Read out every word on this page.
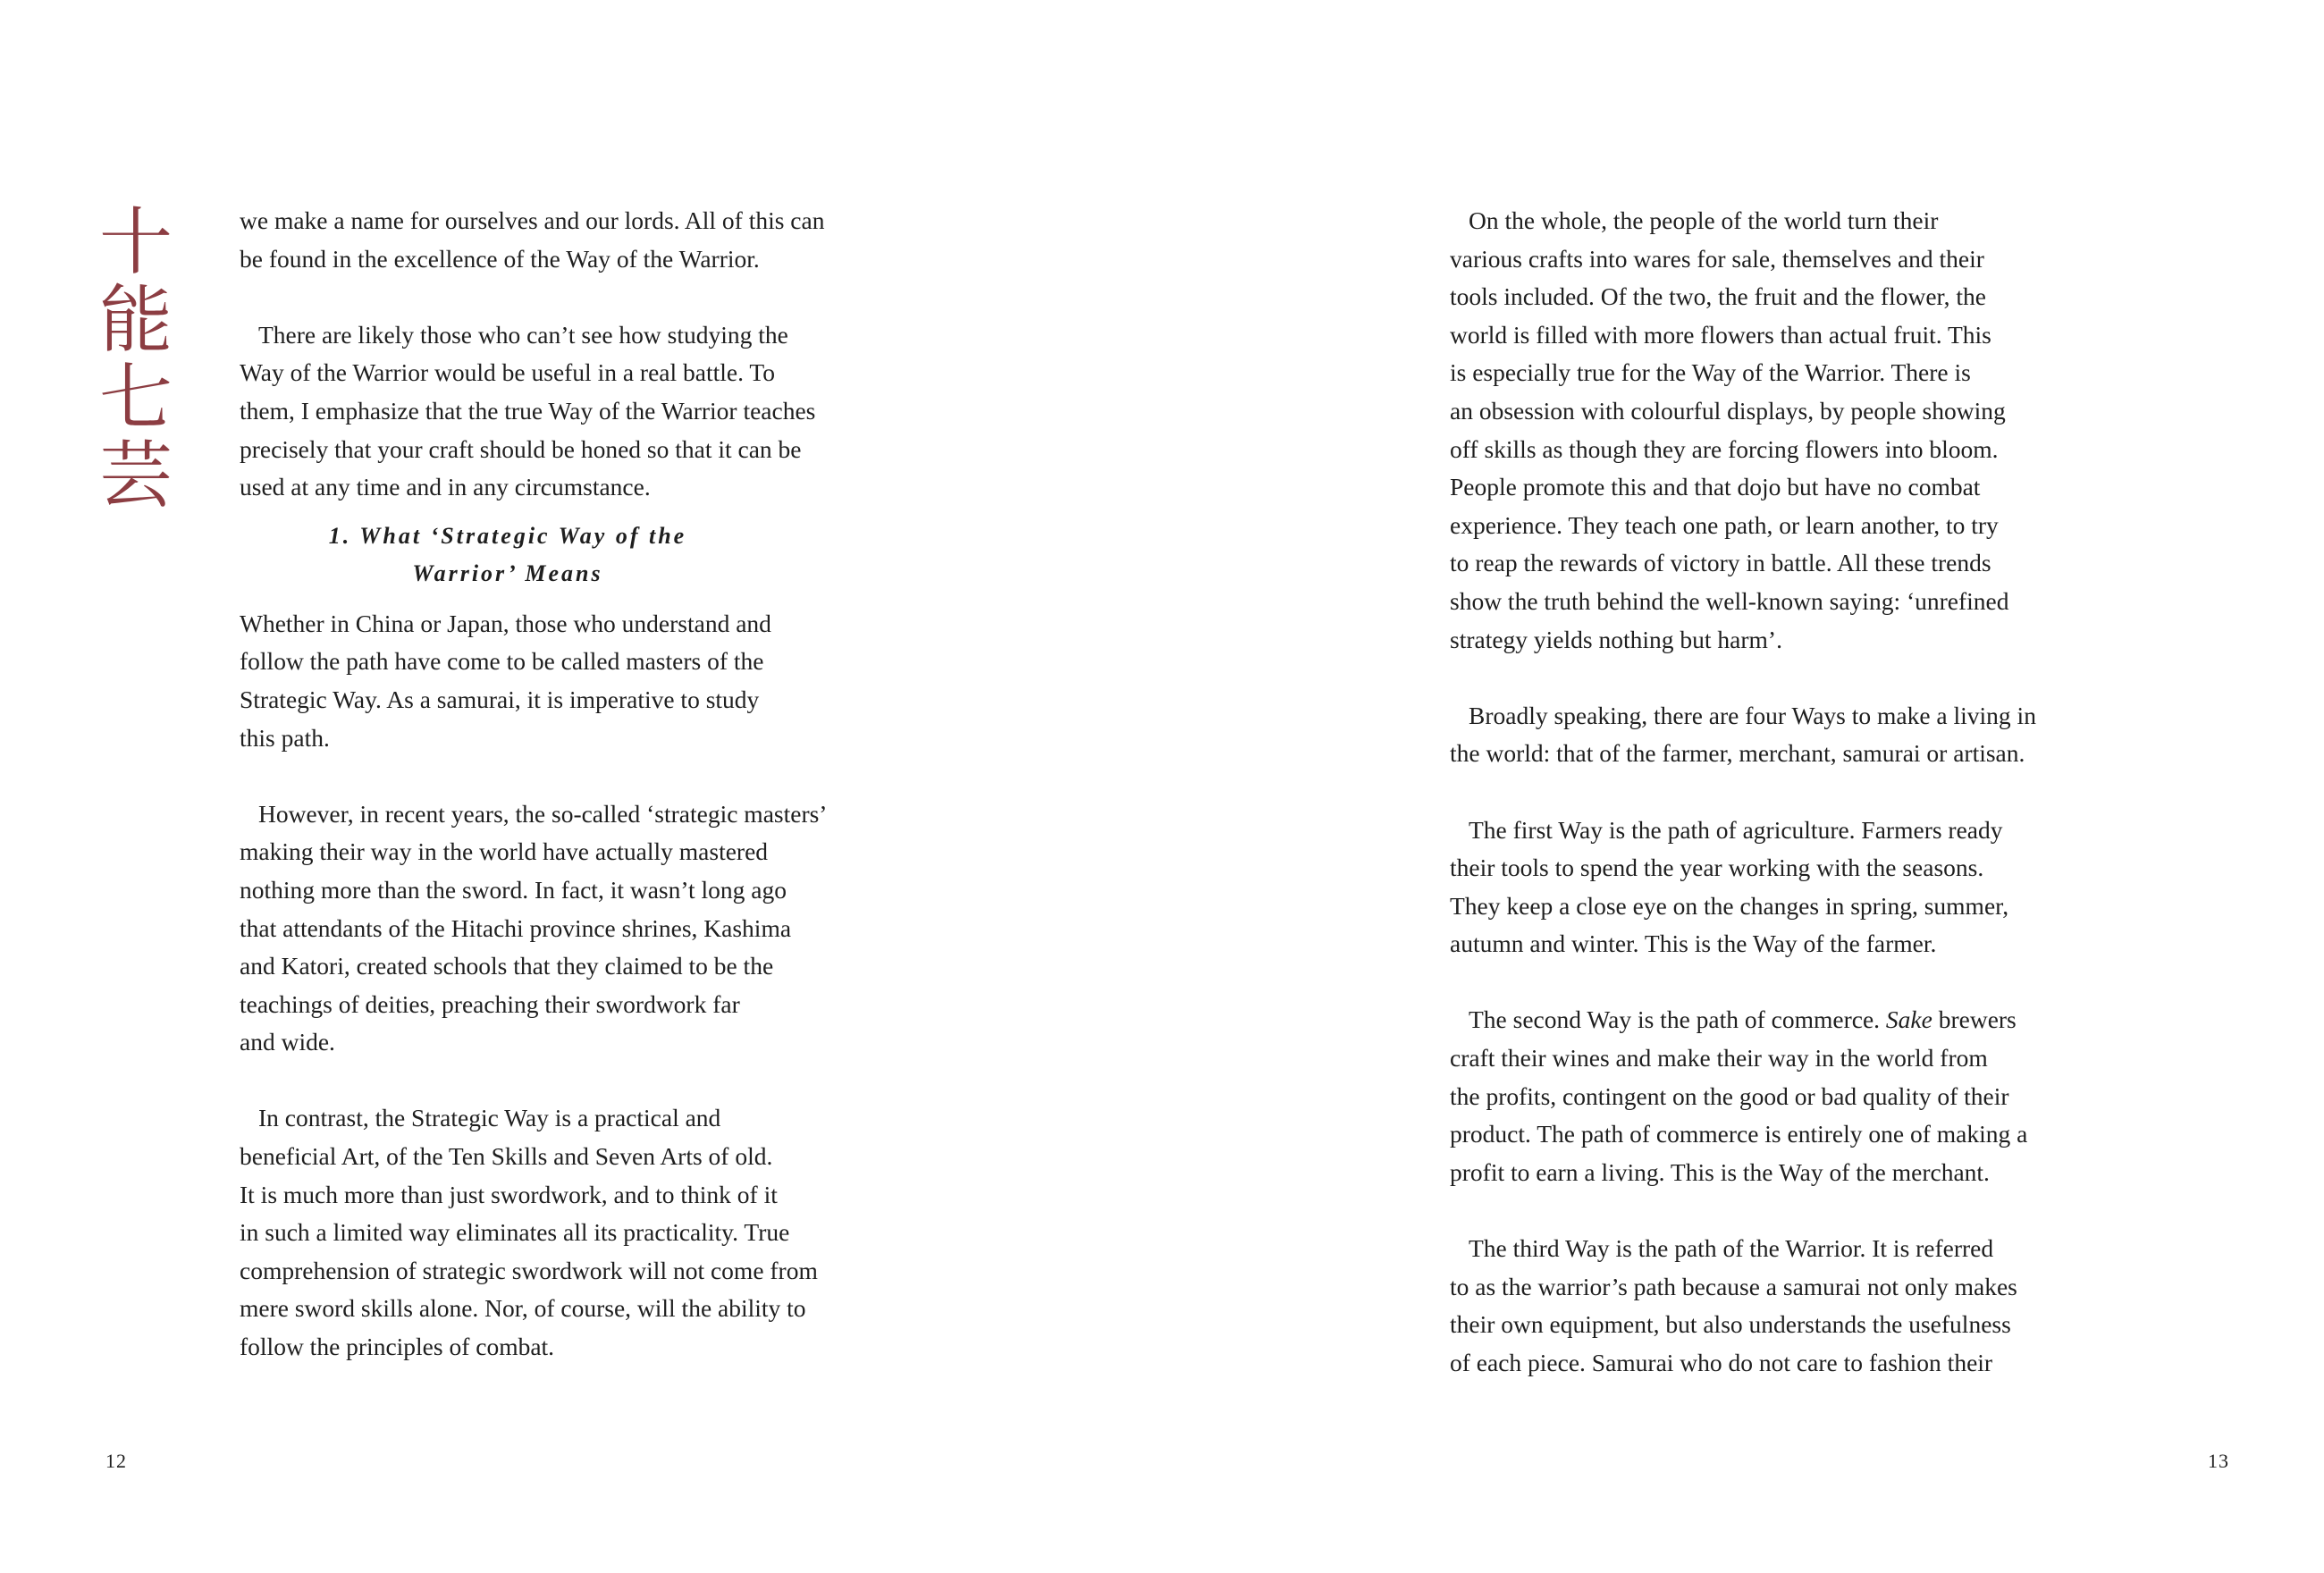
十
能
七
芸
we make a name for ourselves and our lords. All of this can
be found in the excellence of the Way of the Warrior.
There are likely those who can’t see how studying the
Way of the Warrior would be useful in a real battle. To
them, I emphasize that the true Way of the Warrior teaches
precisely that your craft should be honed so that it can be
used at any time and in any circumstance.
1. What ‘Strategic Way of the
Warrior’ Means
Whether in China or Japan, those who understand and
follow the path have come to be called masters of the
Strategic Way. As a samurai, it is imperative to study
this path.
However, in recent years, the so-called ‘strategic masters’
making their way in the world have actually mastered
nothing more than the sword. In fact, it wasn’t long ago
that attendants of the Hitachi province shrines, Kashima
and Katori, created schools that they claimed to be the
teachings of deities, preaching their swordwork far
and wide.
In contrast, the Strategic Way is a practical and
beneficial Art, of the Ten Skills and Seven Arts of old.
It is much more than just swordwork, and to think of it
in such a limited way eliminates all its practicality. True
comprehension of strategic swordwork will not come from
mere sword skills alone. Nor, of course, will the ability to
follow the principles of combat.
12
On the whole, the people of the world turn their
various crafts into wares for sale, themselves and their
tools included. Of the two, the fruit and the flower, the
world is filled with more flowers than actual fruit. This
is especially true for the Way of the Warrior. There is
an obsession with colourful displays, by people showing
off skills as though they are forcing flowers into bloom.
People promote this and that dojo but have no combat
experience. They teach one path, or learn another, to try
to reap the rewards of victory in battle. All these trends
show the truth behind the well-known saying: ‘unrefined
strategy yields nothing but harm’.
Broadly speaking, there are four Ways to make a living in
the world: that of the farmer, merchant, samurai or artisan.
The first Way is the path of agriculture. Farmers ready
their tools to spend the year working with the seasons.
They keep a close eye on the changes in spring, summer,
autumn and winter. This is the Way of the farmer.
The second Way is the path of commerce. Sake brewers
craft their wines and make their way in the world from
the profits, contingent on the good or bad quality of their
product. The path of commerce is entirely one of making a
profit to earn a living. This is the Way of the merchant.
The third Way is the path of the Warrior. It is referred
to as the warrior’s path because a samurai not only makes
their own equipment, but also understands the usefulness
of each piece. Samurai who do not care to fashion their
13
